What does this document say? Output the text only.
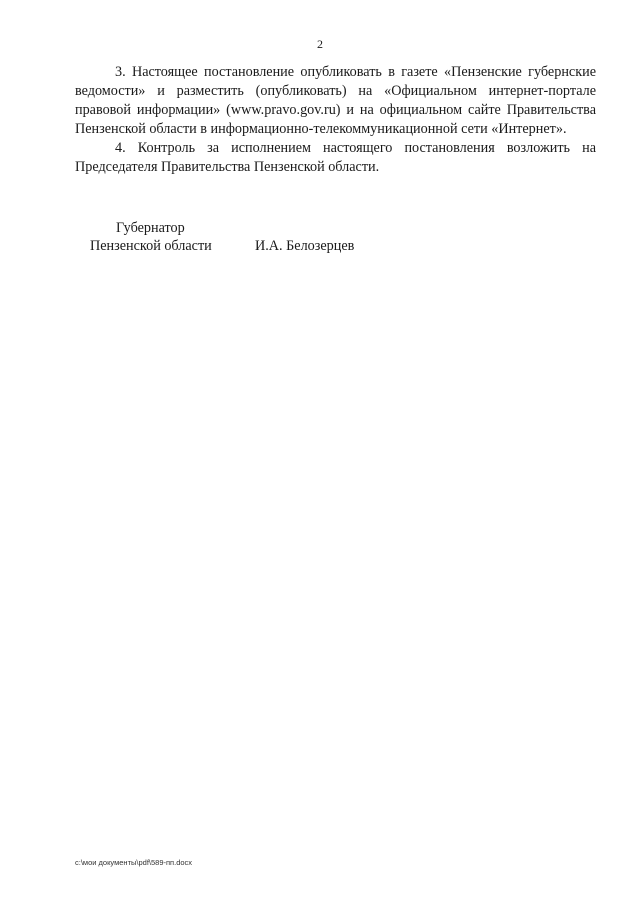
2

3. Настоящее постановление опубликовать в газете «Пензенские губернские ведомости» и разместить (опубликовать) на «Официальном интернет-портале правовой информации» (www.pravo.gov.ru) и на официальном сайте Правительства Пензенской области в информационно-телекоммуникационной сети «Интернет».

4. Контроль за исполнением настоящего постановления возложить на Председателя Правительства Пензенской области.

Губернатор
Пензенской области	И.А. Белозерцев
c:\мои документы\pdf\589-пп.docx
